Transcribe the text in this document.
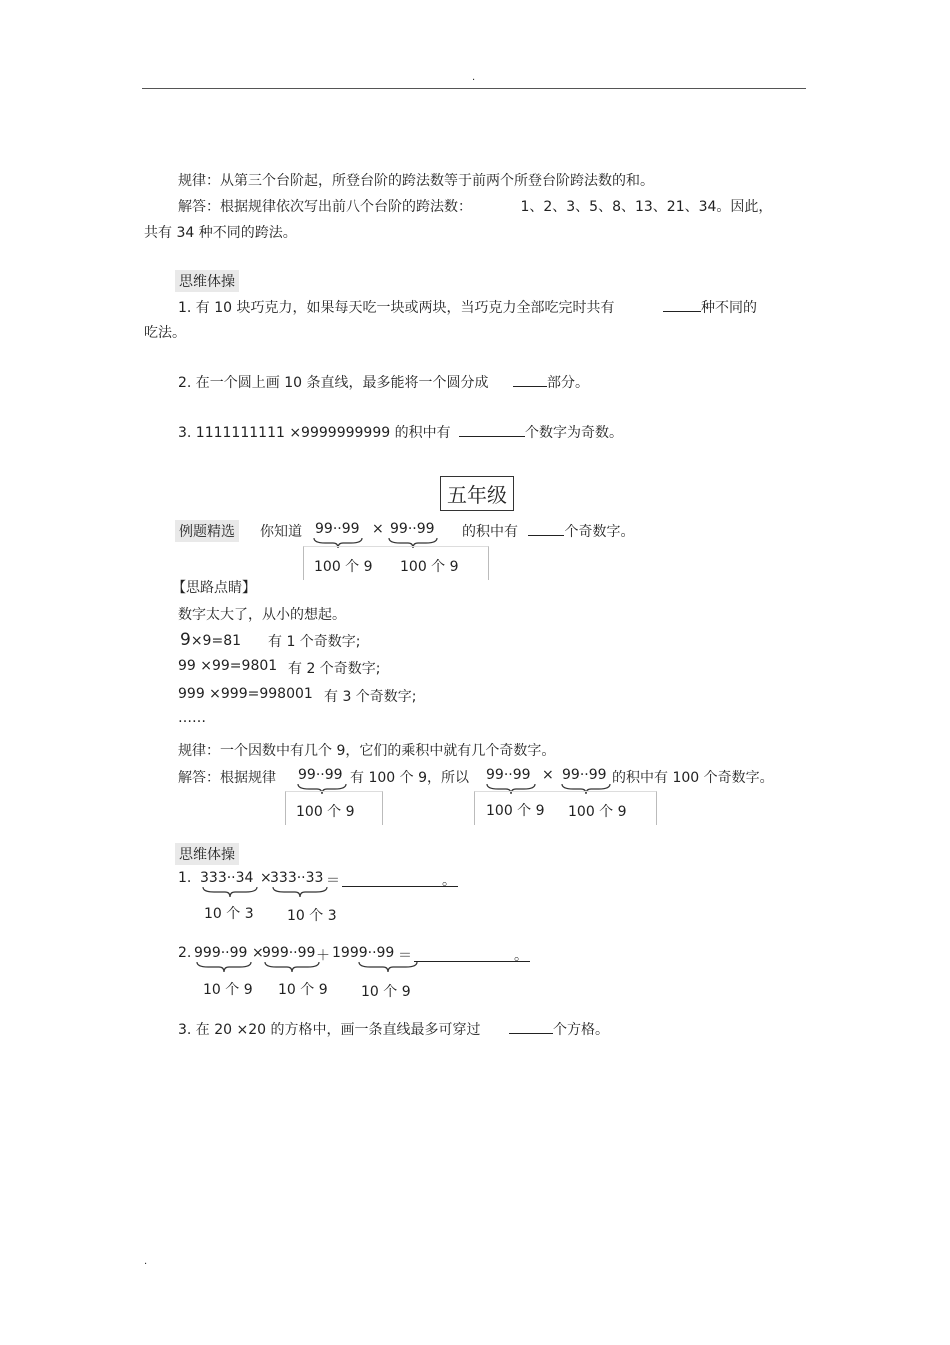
.
规律：从第三个台阶起，所登台阶的跨法数等于前两个所登台阶跨法数的和。
解答：根据规律依次写出前八个台阶的跨法数：	1、2、3、5、8、13、21、34。因此，
共有 34 种不同的跨法。
思维体操
1. 有 10 块巧克力，如果每天吃一块或两块，当巧克力全部吃完时共有	种不同的
吃法。
2. 在一个圆上画 10 条直线，最多能将一个圆分成	部分。
3. 1111111111 ×9999999999 的积中有	个数字为奇数。
五年级
例题精选 你知道 99··99 × 99··99 的积中有	个奇数字。
100 个 9 100 个 9
【思路点睛】
数字太大了，从小的想起。
9×9=81 有 1 个奇数字;
99 ×99=9801 有 2 个奇数字;
999 ×999=998001 有 3 个奇数字;
……
规律：一个因数中有几个 9，它们的乘积中就有几个奇数字。
解答：根据规律 99··99 有 100 个 9，所以 99··99 × 99··99 的积中有 100 个奇数字。
100 个 9	100 个 9 100 个 9
思维体操
1. 333··34 ×
333··33 ＝	。
10 个 3 10 个 3
2. 999··99 ×
999··99 ＋ 1999··99 ＝	。
10 个 9 10 个 9 10 个 9
3. 在 20 ×20 的方格中，画一条直线最多可穿过	个方格。
.
